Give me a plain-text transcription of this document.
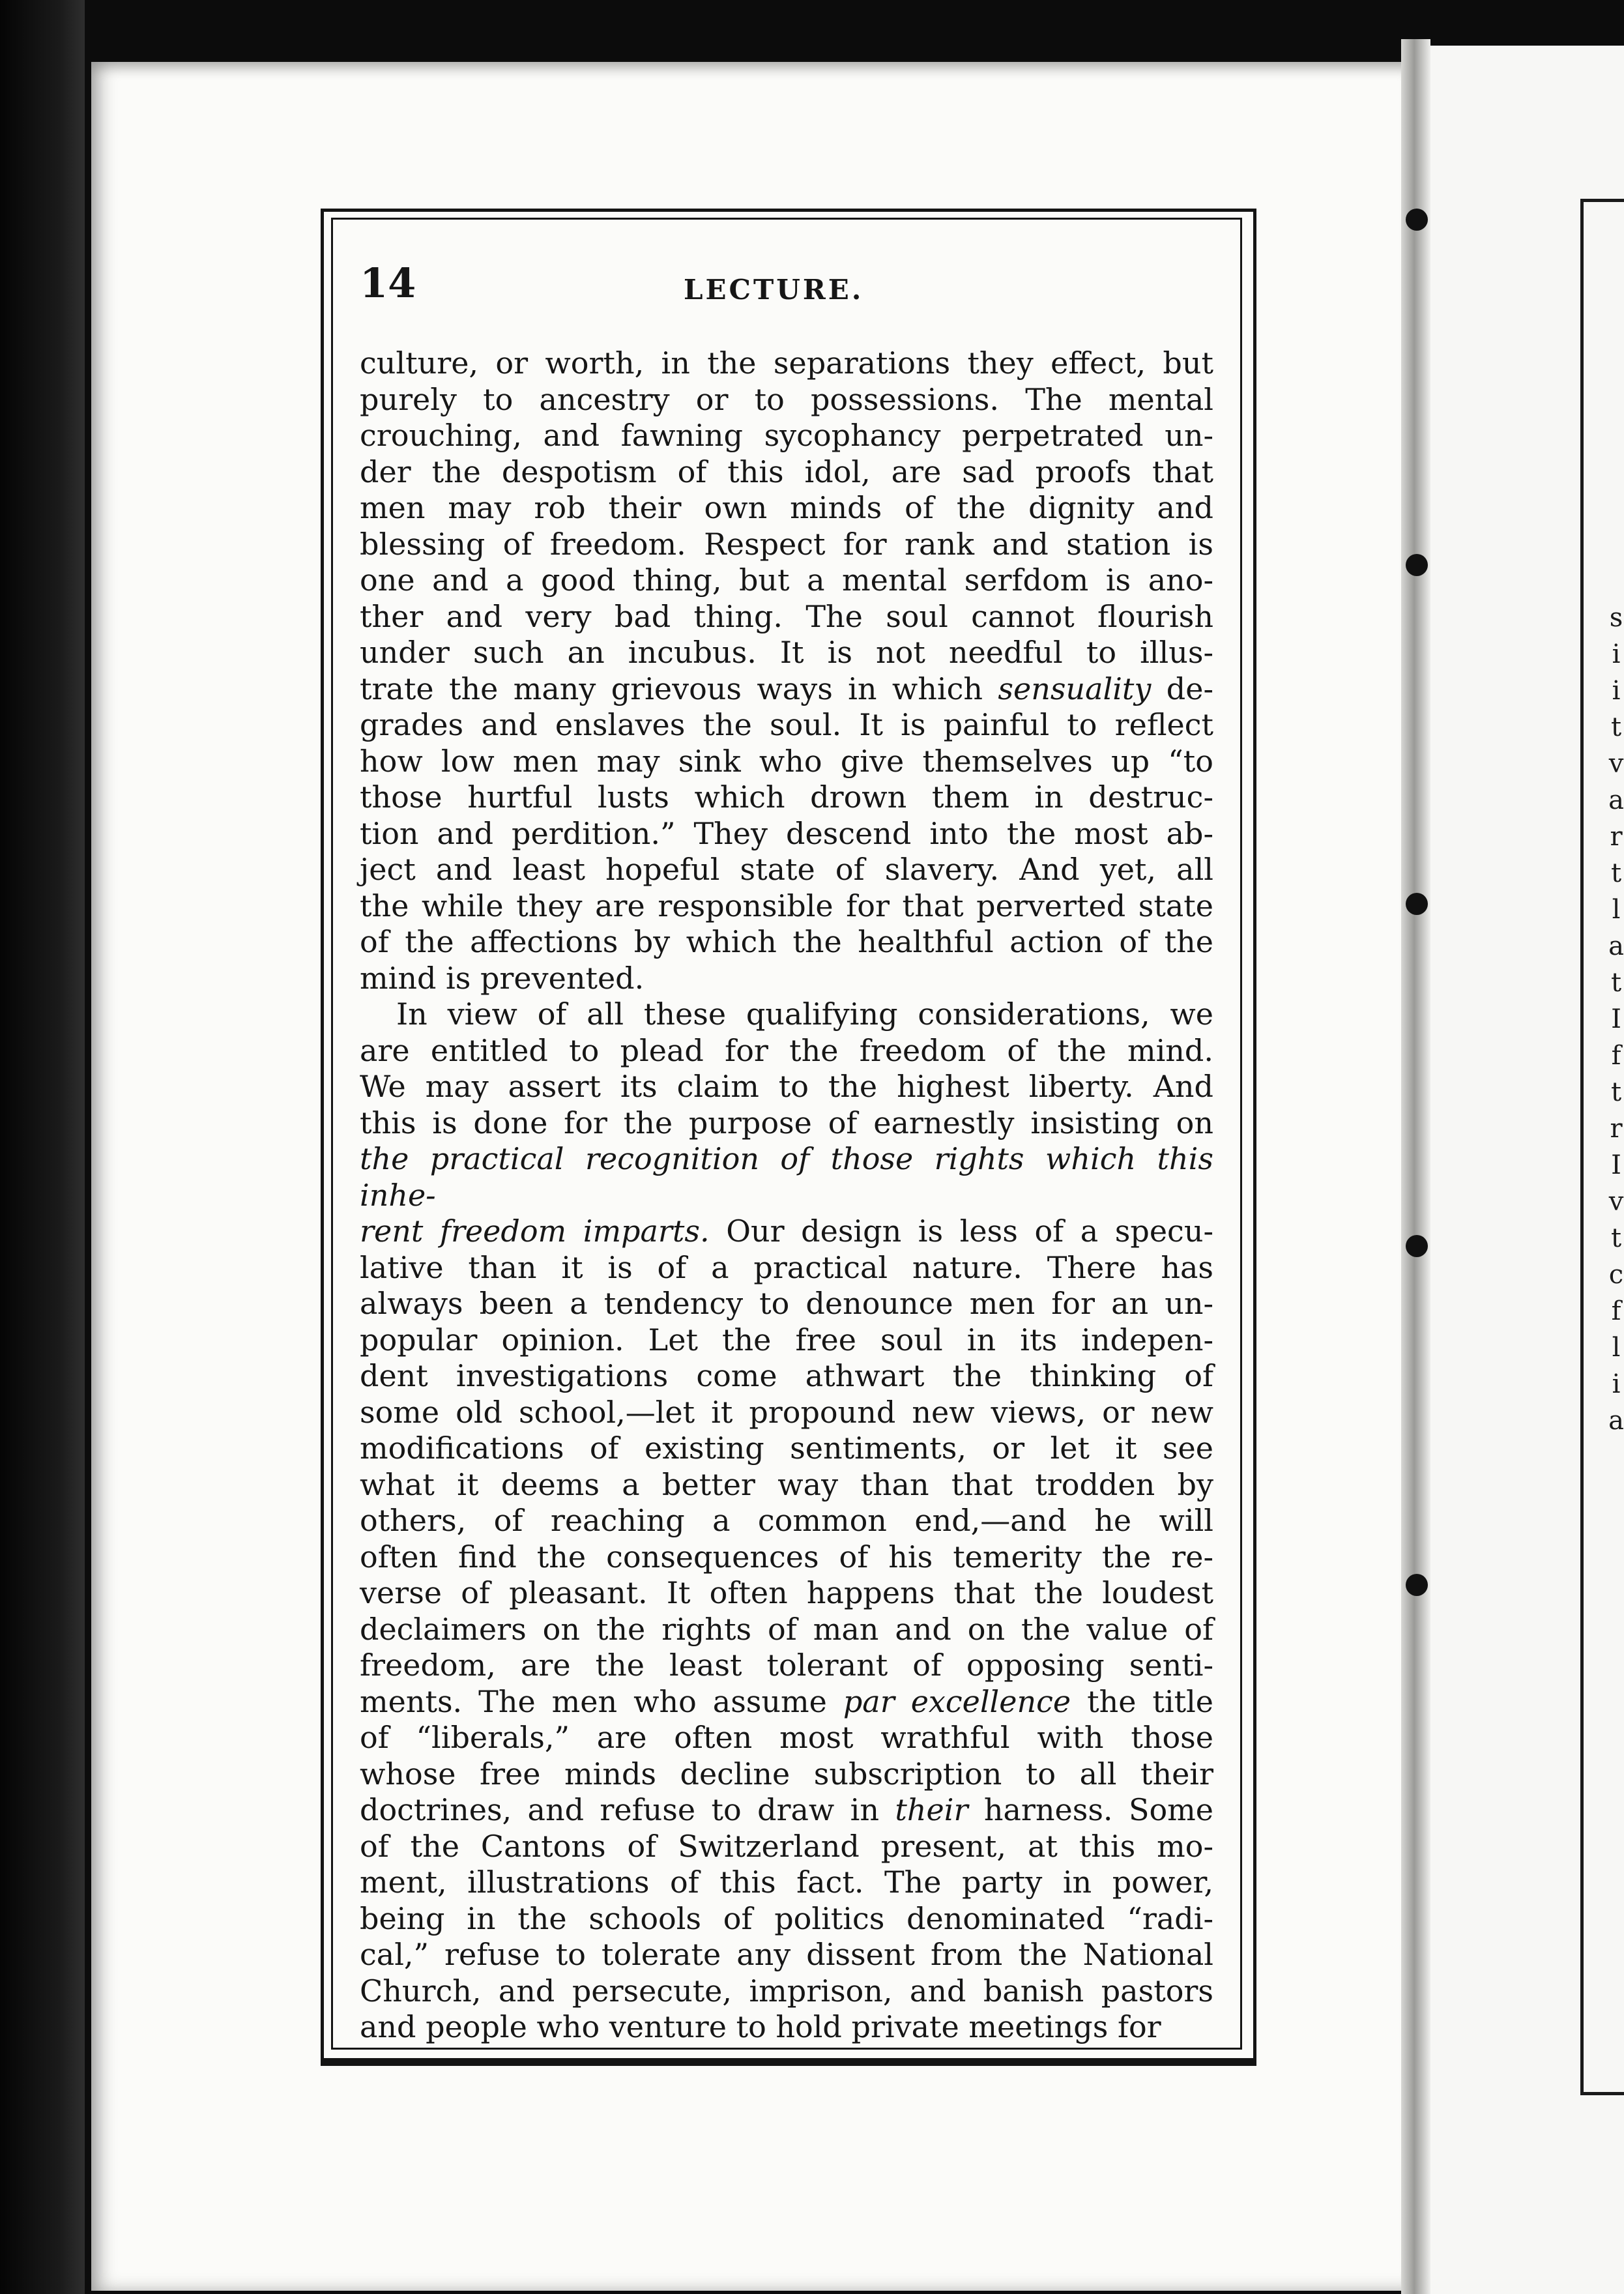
s
i
i
t
v
a
r
t
l
a
t
I
f
t
r
I
v
t
c
f
l
i
a
14	LECTURE.
culture, or worth, in the separations they effect, but
purely to ancestry or to possessions. The mental
crouching, and fawning sycophancy perpetrated un-
der the despotism of this idol, are sad proofs that
men may rob their own minds of the dignity and
blessing of freedom. Respect for rank and station is
one and a good thing, but a mental serfdom is ano-
ther and very bad thing. The soul cannot flourish
under such an incubus. It is not needful to illus-
trate the many grievous ways in which sensuality de-
grades and enslaves the soul. It is painful to reflect
how low men may sink who give themselves up “to
those hurtful lusts which drown them in destruc-
tion and perdition.” They descend into the most ab-
ject and least hopeful state of slavery. And yet, all
the while they are responsible for that perverted state
of the affections by which the healthful action of the
mind is prevented.
In view of all these qualifying considerations, we
are entitled to plead for the freedom of the mind.
We may assert its claim to the highest liberty. And
this is done for the purpose of earnestly insisting on
the practical recognition of those rights which this inhe-
rent freedom imparts. Our design is less of a specu-
lative than it is of a practical nature. There has
always been a tendency to denounce men for an un-
popular opinion. Let the free soul in its indepen-
dent investigations come athwart the thinking of
some old school,—let it propound new views, or new
modifications of existing sentiments, or let it see
what it deems a better way than that trodden by
others, of reaching a common end,—and he will
often find the consequences of his temerity the re-
verse of pleasant. It often happens that the loudest
declaimers on the rights of man and on the value of
freedom, are the least tolerant of opposing senti-
ments. The men who assume par excellence the title
of “liberals,” are often most wrathful with those
whose free minds decline subscription to all their
doctrines, and refuse to draw in their harness. Some
of the Cantons of Switzerland present, at this mo-
ment, illustrations of this fact. The party in power,
being in the schools of politics denominated “radi-
cal,” refuse to tolerate any dissent from the National
Church, and persecute, imprison, and banish pastors
and people who venture to hold private meetings for
